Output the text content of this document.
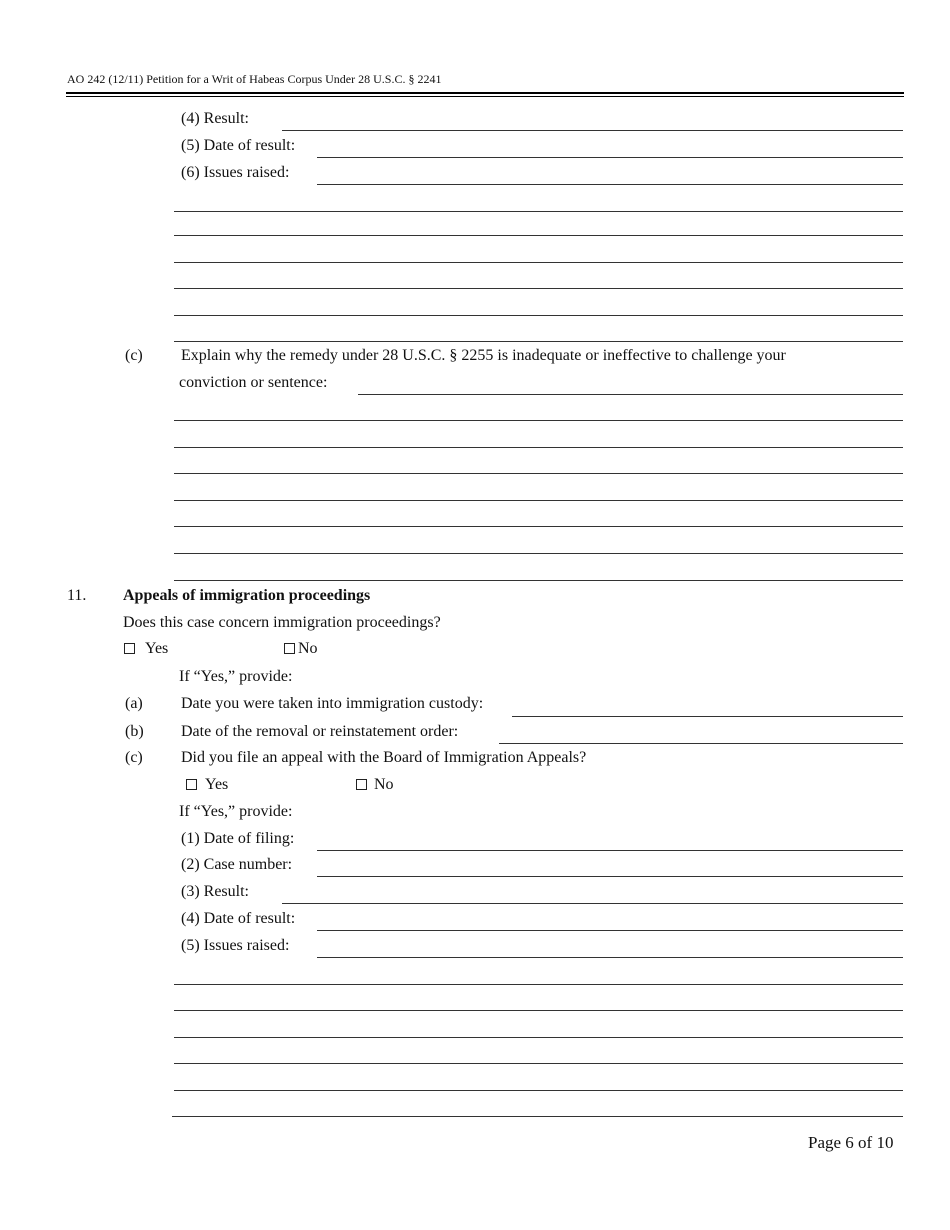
AO 242 (12/11) Petition for a Writ of Habeas Corpus Under 28 U.S.C. § 2241
(4) Result:
(5) Date of result:
(6) Issues raised:
(c) Explain why the remedy under 28 U.S.C. § 2255 is inadequate or ineffective to challenge your
conviction or sentence:
11. Appeals of immigration proceedings
Does this case concern immigration proceedings?
Yes	No
If “Yes,” provide:
(a) Date you were taken into immigration custody:
(b) Date of the removal or reinstatement order:
(c) Did you file an appeal with the Board of Immigration Appeals?
Yes	No
If “Yes,” provide:
(1) Date of filing:
(2) Case number:
(3) Result:
(4) Date of result:
(5) Issues raised:
Page 6 of 10
